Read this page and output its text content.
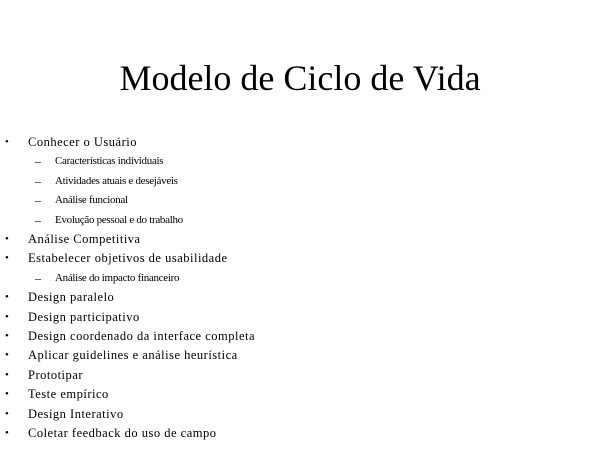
Modelo de Ciclo de Vida
• Conhecer o Usuário
– Características individuais
– Atividades atuais e desejáveis
– Análise funcional
– Evolução pessoal e do trabalho
• Análise Competitiva
• Estabelecer objetivos de usabilidade
– Análise do impacto financeiro
• Design paralelo
• Design participativo
• Design coordenado da interface completa
• Aplicar guidelines e análise heurística
• Prototipar
• Teste empírico
• Design Interativo
• Coletar feedback do uso de campo
